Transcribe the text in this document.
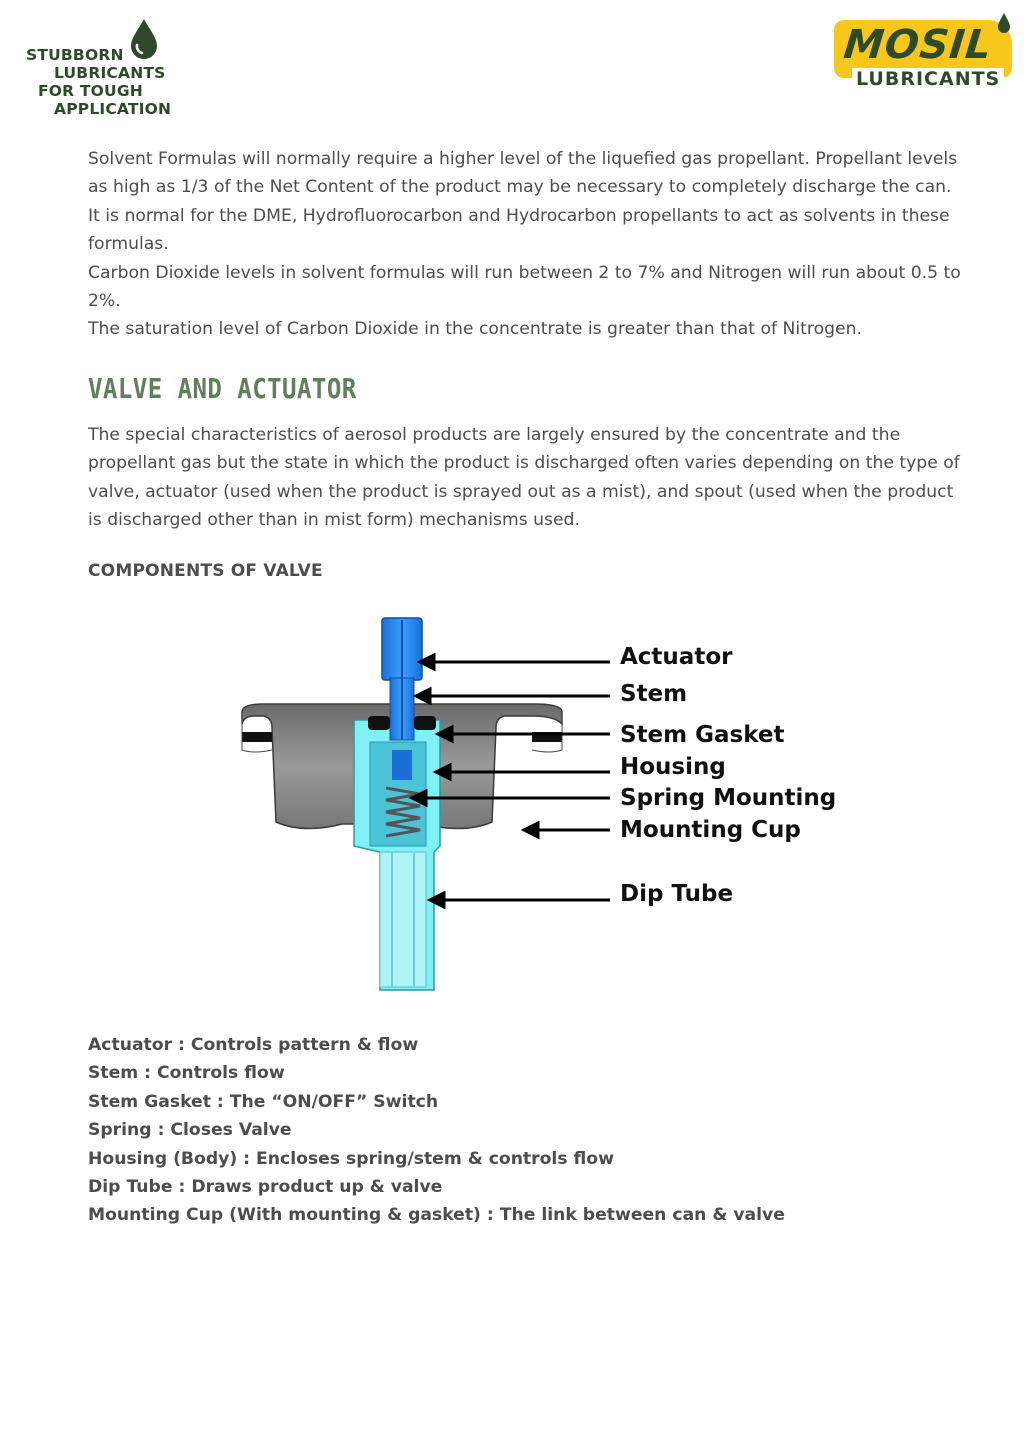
STUBBORN
LUBRICANTS
FOR TOUGH
APPLICATION
MOSIL
LUBRICANTS

Solvent Formulas will normally require a higher level of the liquefied gas propellant. Propellant levels as high as 1/3 of the Net Content of the product may be necessary to completely discharge the can. It is normal for the DME, Hydrofluorocarbon and Hydrocarbon propellants to act as solvents in these formulas.

Carbon Dioxide levels in solvent formulas will run between 2 to 7% and Nitrogen will run about 0.5 to 2%.

The saturation level of Carbon Dioxide in the concentrate is greater than that of Nitrogen.

VALVE AND ACTUATOR

The special characteristics of aerosol products are largely ensured by the concentrate and the propellant gas but the state in which the product is discharged often varies depending on the type of valve, actuator (used when the product is sprayed out as a mist), and spout (used when the product is discharged other than in mist form) mechanisms used.

COMPONENTS OF VALVE
Actuator
Stem
Stem Gasket
Housing
Spring Mounting
Mounting Cup
Dip Tube
Actuator : Controls pattern & flow
Stem : Controls flow
Stem Gasket : The “ON/OFF” Switch
Spring : Closes Valve
Housing (Body) : Encloses spring/stem & controls flow
Dip Tube : Draws product up & valve
Mounting Cup (With mounting & gasket) : The link between can & valve
